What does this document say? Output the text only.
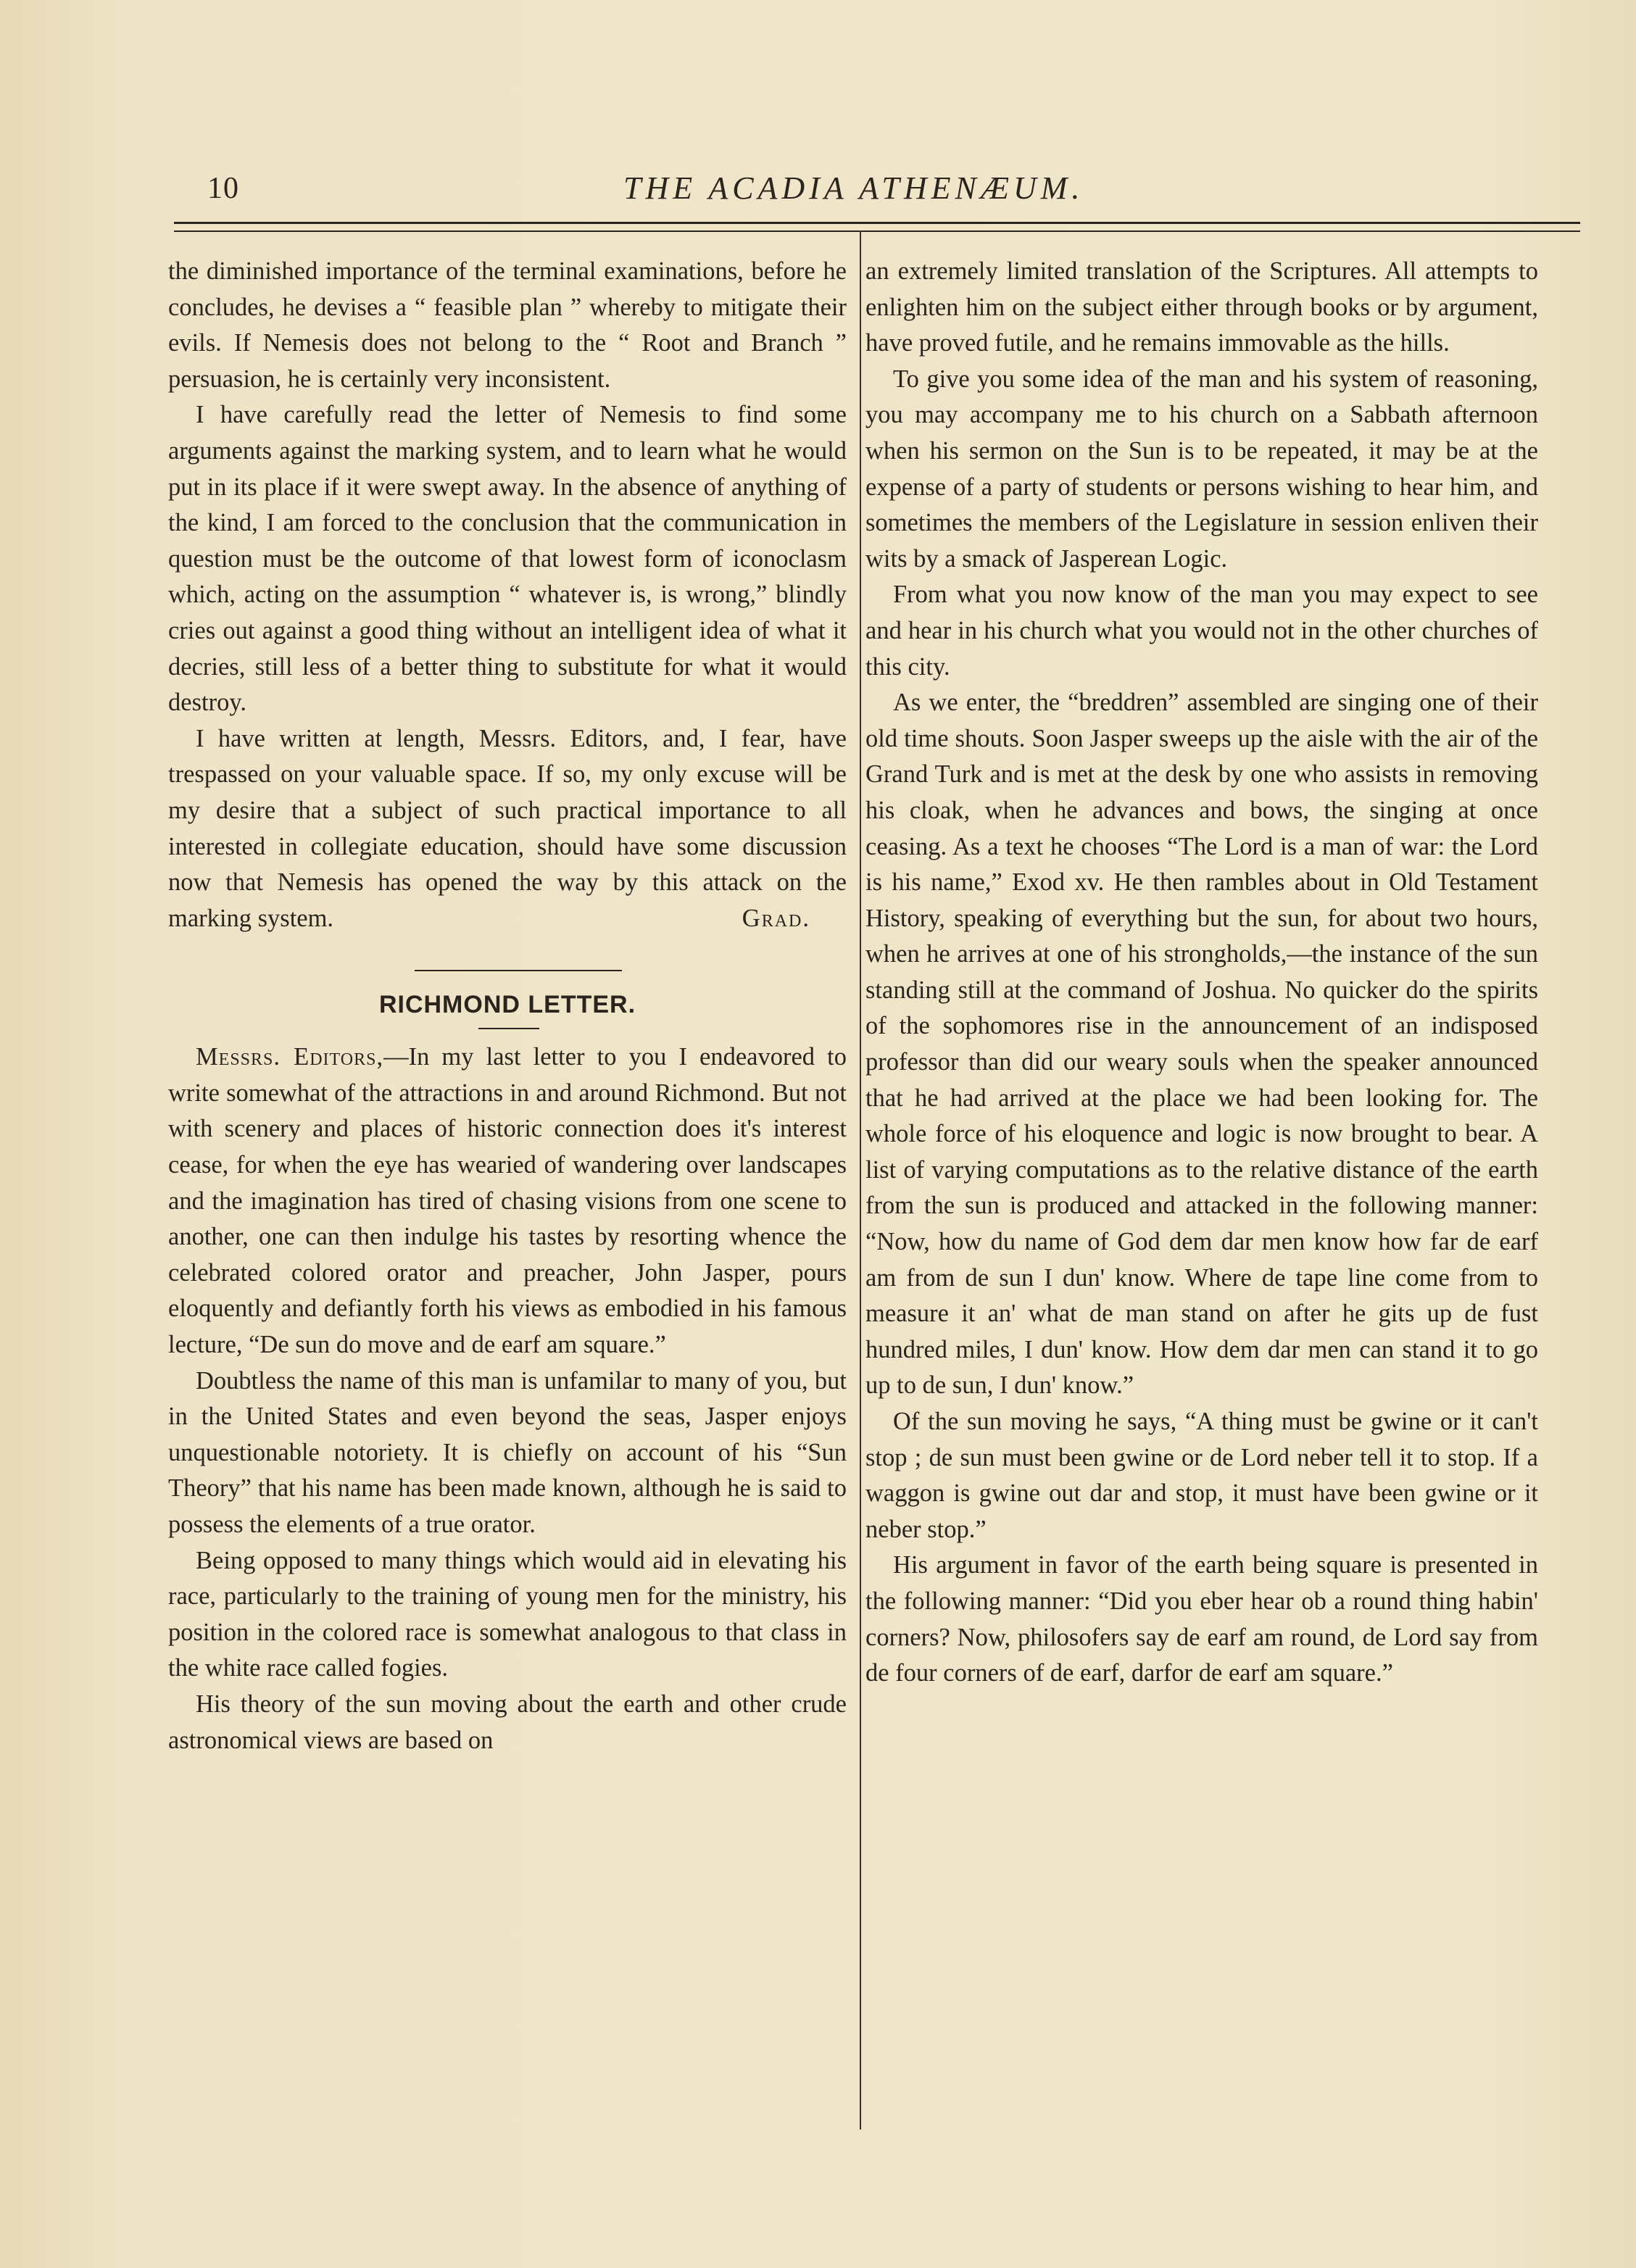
10	THE ACADIA ATHENÆUM.

the diminished importance of the terminal examinations, before he concludes, he devises a “ feasible plan ” whereby to mitigate their evils. If Nemesis does not belong to the “ Root and Branch ” persuasion, he is certainly very inconsistent.

I have carefully read the letter of Nemesis to find some arguments against the marking system, and to learn what he would put in its place if it were swept away. In the absence of anything of the kind, I am forced to the conclusion that the communication in question must be the outcome of that lowest form of iconoclasm which, acting on the assumption “ whatever is, is wrong,” blindly cries out against a good thing without an intelligent idea of what it decries, still less of a better thing to substitute for what it would destroy.

I have written at length, Messrs. Editors, and, I fear, have trespassed on your valuable space. If so, my only excuse will be my desire that a subject of such practical importance to all interested in collegiate education, should have some discussion now that Nemesis has opened the way by this attack on the marking system.	Grad.

RICHMOND LETTER.

Messrs. Editors,—In my last letter to you I endeavored to write somewhat of the attractions in and around Richmond. But not with scenery and places of historic connection does it's interest cease, for when the eye has wearied of wandering over landscapes and the imagination has tired of chasing visions from one scene to another, one can then indulge his tastes by resorting whence the celebrated colored orator and preacher, John Jasper, pours eloquently and defiantly forth his views as embodied in his famous lecture, “De sun do move and de earf am square.”

Doubtless the name of this man is unfamilar to many of you, but in the United States and even beyond the seas, Jasper enjoys unquestionable notoriety. It is chiefly on account of his “Sun Theory” that his name has been made known, although he is said to possess the elements of a true orator.

Being opposed to many things which would aid in elevating his race, particularly to the training of young men for the ministry, his position in the colored race is somewhat analogous to that class in the white race called fogies.

His theory of the sun moving about the earth and other crude astronomical views are based on

an extremely limited translation of the Scriptures. All attempts to enlighten him on the subject either through books or by argument, have proved futile, and he remains immovable as the hills.

To give you some idea of the man and his system of reasoning, you may accompany me to his church on a Sabbath afternoon when his sermon on the Sun is to be repeated, it may be at the expense of a party of students or persons wishing to hear him, and sometimes the members of the Legislature in session enliven their wits by a smack of Jasperean Logic.

From what you now know of the man you may expect to see and hear in his church what you would not in the other churches of this city.

As we enter, the “breddren” assembled are singing one of their old time shouts. Soon Jasper sweeps up the aisle with the air of the Grand Turk and is met at the desk by one who assists in removing his cloak, when he advances and bows, the singing at once ceasing. As a text he chooses “The Lord is a man of war: the Lord is his name,” Exod xv. He then rambles about in Old Testament History, speaking of everything but the sun, for about two hours, when he arrives at one of his strongholds,—the instance of the sun standing still at the command of Joshua. No quicker do the spirits of the sophomores rise in the announcement of an indisposed professor than did our weary souls when the speaker announced that he had arrived at the place we had been looking for. The whole force of his eloquence and logic is now brought to bear. A list of varying computations as to the relative distance of the earth from the sun is produced and attacked in the following manner: “Now, how du name of God dem dar men know how far de earf am from de sun I dun' know. Where de tape line come from to measure it an' what de man stand on after he gits up de fust hundred miles, I dun' know. How dem dar men can stand it to go up to de sun, I dun' know.”

Of the sun moving he says, “A thing must be gwine or it can't stop ; de sun must been gwine or de Lord neber tell it to stop. If a waggon is gwine out dar and stop, it must have been gwine or it neber stop.”

His argument in favor of the earth being square is presented in the following manner: “Did you eber hear ob a round thing habin' corners? Now, philosofers say de earf am round, de Lord say from de four corners of de earf, darfor de earf am square.”
